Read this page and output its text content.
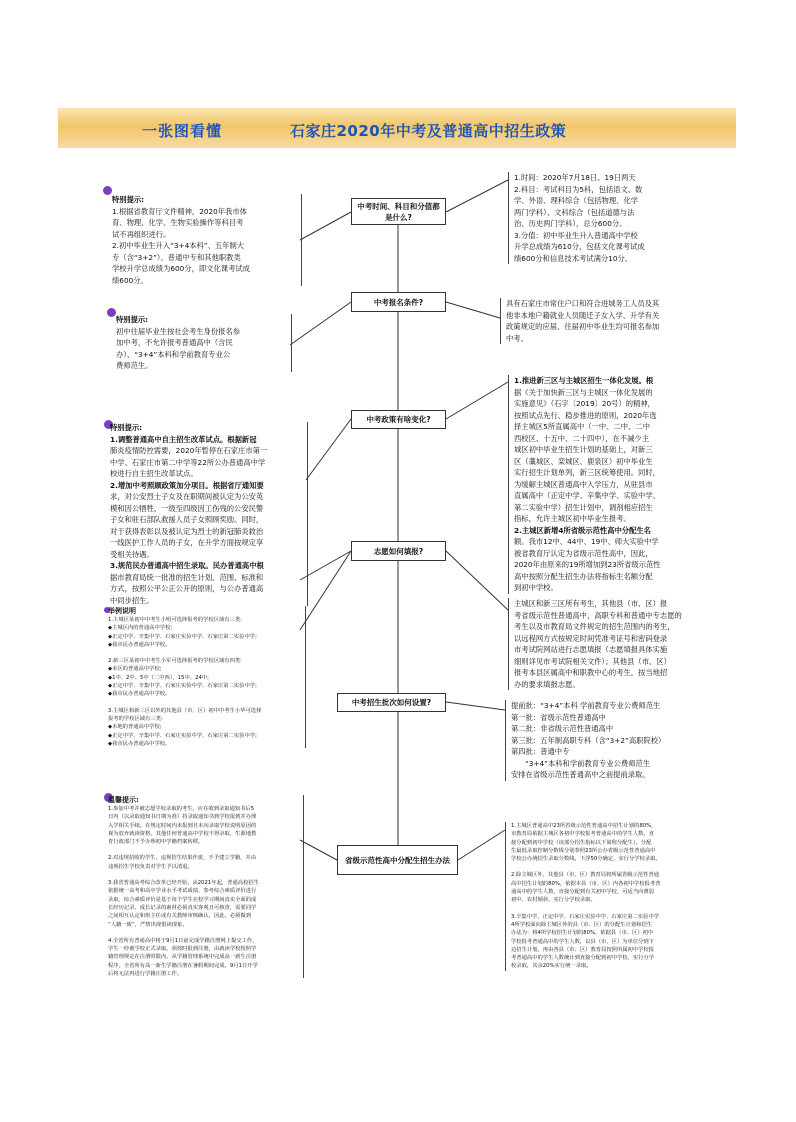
一张图看懂	石家庄2020年中考及普通高中招生政策
中考时间、科目和分值都是什么?
中考报名条件?
中考政策有啥变化?
志愿如何填报?
中考招生批次如何设置?
省级示范性高中分配生招生办法
特别提示:
1.根据省教育厅文件精神，2020年我市体
育、物理、化学、生物实验操作等科目考
试不再组织进行。
2.初中毕业生升入“3+4本科”、五年制大
专（含“3+2”）、普通中专和其他职教类
学校升学总成绩为600分，即文化课考试成
绩600分。
特别提示:
初中往届毕业生按社会考生身份报名参
加中考，不允许报考普通高中（含民
办）、“3+4”本科和学前教育专业公
费师范生。
特别提示:
1.调整普通高中自主招生改革试点。根据新冠
肺炎疫情防控需要，2020年暂停在石家庄市第一
中学、石家庄市第二中学等22所公办普通高中学
校进行自主招生改革试点。
2.增加中考照顾政策加分项目。根据省厅通知要
求，对公安烈士子女及在职期间被认定为公安英
模和因公牺牲、一级至四级因工伤残的公安民警
子女和驻石部队救援人员子女照顾奖励。同时，
对于获得表彰以及被认定为烈士的新冠肺炎救治
一线医护工作人员的子女，在升学方面按规定享
受相关待遇。
3.规范民办普通高中招生录取。民办普通高中根
据市教育局统一批准的招生计划、范围、标准和
方式，按照公平公正公开的原则，与公办普通高
中同步招生。
举例说明
1.主城区某初中中考生小明可选择报考的学校区域有三类:
◆主城区内的普通高中学校;
◆正定中学、辛集中学、石家庄实验中学、石家庄第二实验中学;
◆我市民办普通高中学校。
2.新三区某初中中考生小军可选择报考的学校区域有四类:
◆本区的普通高中学校;
◆1中、2中、5中（二中西）、15中、24中;
◆正定中学、辛集中学、石家庄实验中学、石家庄第二实验中学;
◆我市民办普通高中学校。
3.主城区和新三区以外的其他县（市、区）初中中考生小华可选择
报考的学校区域有三类:
◆本地的普通高中学校;
◆正定中学、辛集中学、石家庄实验中学、石家庄第二实验中学;
◆我市民办普通高中学校。
温馨提示:
1.参加中考并被志愿学校录取的考生，应在收到录取通知书后5
日内（以录取通知书日期为准）持录取通知书到学校报到并办理
入学相关手续。在规定时间内未报到且未向录取学校说明原因的
视为放弃就读资格，其他任何普通高中学校不得录取，生源地教
育行政部门不予办理初中学籍档案转移。
2.对违规招收的学生，违规招生结果作废，不予建立学籍，并由
违规招生学校负责对学生予以清退。
3.我省普通高考综合改革已经开始，从2021年起，普通高校招生
依据统一高考和高中学业水平考试成绩、参考综合素质评价进行
录取，综合素质评价是基于每个学生在校学习期间真实全面的成
长经历记录，成长记录的素材必须真实客观且可核查，需要同学
之间相互认定和班主任或有关教师审核确认，因此，必须做到
“人籍一致”，严禁出现借读现象。
4.全省所有普通高中将于9月1日前完成学籍注册网上提交工作，
学生一经被学校正式录取，须按时报到注册，由就读学校按照学
籍管理规定在注册时限内，从学籍管理系统中完成高一新生注册
程序。全省所有高一新生学籍注册在暑假期间完成，9月1日开学
后将无法再进行学籍注册工作。
1.时间：2020年7月18日、19日两天
2.科目：考试科目为5科，包括语文、数
学、外语、理科综合（包括物理、化学
两门学科）、文科综合（包括道德与法
治、历史两门学科），总分600分。
3.分值：初中毕业生升入普通高中学校
升学总成绩为610分，包括文化课考试成
绩600分和信息技术考试满分10分。
具有石家庄市常住户口和符合进城务工人员及其
他非本地户籍就业人员随迁子女入学、升学有关
政策规定的应届、往届初中毕业生均可报名参加
中考。
1.推进新三区与主城区招生一体化发展。根
据《关于加快新三区与主城区一体化发展的
实施意见》（石字〔2019〕20号）的精神，
按照试点先行、稳步推进的原则，2020年选
择主城区5所直属高中（一中、二中、二中
西校区、十五中、二十四中），在不减少主
城区初中毕业生招生计划的基础上，对新三
区（藁城区、栾城区、鹿泉区）初中毕业生
实行招生计划单列，新三区统筹使用。同时，
为缓解主城区普通高中入学压力，从驻县市
直属高中（正定中学、辛集中学、实验中学、
第二实验中学）招生计划中，调剂相应招生
指标，允许主城区初中毕业生报考。
2.主城区新增4所省级示范性高中分配生名
额。我市12中、44中、19中、师大实验中学
被省教育厅认定为省级示范性高中，因此，
2020年由原来的19所增加到23所省级示范性
高中按照分配生招生办法将指标生名额分配
到初中学校。
主城区和新三区所有考生，其他县（市、区）报
考省级示范性普通高中、高职专科和普通中专志愿的
考生以及市教育局文件规定的招生范围内的考生，
以远程网方式按规定时间凭准考证号和密码登录
市考试院网站进行志愿填报（志愿填报具体实施
细则详见市考试院相关文件）；其他县（市、区）
报考本县区属高中和职教中心的考生，按当地招
办的要求填报志愿。
提前批：“3+4”本科 学前教育专业公费师范生
第一批：省级示范性普通高中
第二批：非省级示范性普通高中
第三批：五年制高职专科（含“3+2”高职院校）
第四批：普通中专
“3+4”本科和学前教育专业公费师范生
安排在省级示范性普通高中之前提前录取。
1.主城区普通高中23所省级示范性普通高中招生计划的80%，
市教育局依据主城区各初中学校报考普通高中的学生人数，直
接分配到初中学校（该部分招生指标以下简称分配生），分配
生最低录取控制分数线分别参照23所公办省级示范性普通高中
学校公办统招生录取分数线，下浮50分确定，实行分学校录取。
2.除主城区外，其他县（市、区）教育局将所属省级示范性普通
高中招生计划的80%，依据本县（市、区）内各初中学校报考普
通高中的学生人数，直接分配到有关初中学校，可适当向薄弱
初中、农村倾斜，实行分学校录取。
3.辛集中学、正定中学、石家庄实验中学、石家庄第二实验中学
4所学校面向除主城区外的县（市、区）的分配生计划和招生
办法为：将4所学校招生计划的80%，依据县（市、区）初中
学校报考普通高中的学生人数，以县（市、区）为单位分到下
边招生计划，再由各县（市、区）教育局按照所属初中学校报
考普通高中的学生人数统计到直接分配到初中学校，实行分学
校录取，其余20%实行统一录取。
